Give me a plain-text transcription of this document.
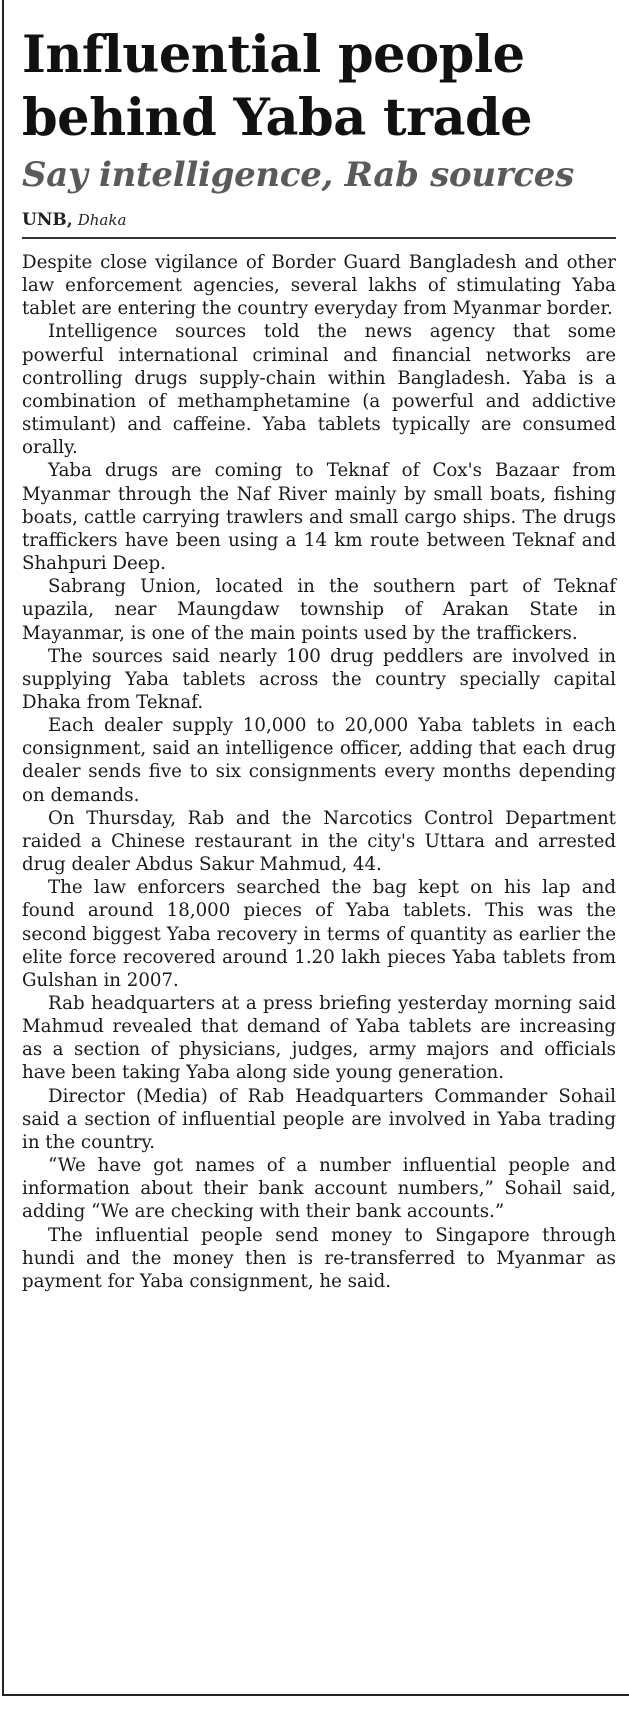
Influential people behind Yaba trade
Say intelligence, Rab sources
UNB, Dhaka

Despite close vigilance of Border Guard Bangladesh and other law enforcement agencies, several lakhs of stimulating Yaba tablet are entering the country everyday from Myanmar border.

Intelligence sources told the news agency that some powerful international criminal and financial networks are controlling drugs supply-chain within Bangladesh. Yaba is a combination of methamphetamine (a powerful and addictive stimulant) and caffeine. Yaba tablets typically are consumed orally.

Yaba drugs are coming to Teknaf of Cox's Bazaar from Myanmar through the Naf River mainly by small boats, fishing boats, cattle carrying trawlers and small cargo ships. The drugs traffickers have been using a 14 km route between Teknaf and Shahpuri Deep.

Sabrang Union, located in the southern part of Teknaf upazila, near Maungdaw township of Arakan State in Mayanmar, is one of the main points used by the traffickers.

The sources said nearly 100 drug peddlers are involved in supplying Yaba tablets across the country specially capital Dhaka from Teknaf.

Each dealer supply 10,000 to 20,000 Yaba tablets in each consignment, said an intelligence officer, adding that each drug dealer sends five to six consignments every months depending on demands.

On Thursday, Rab and the Narcotics Control Department raided a Chinese restaurant in the city's Uttara and arrested drug dealer Abdus Sakur Mahmud, 44.

The law enforcers searched the bag kept on his lap and found around 18,000 pieces of Yaba tablets. This was the second biggest Yaba recovery in terms of quantity as earlier the elite force recovered around 1.20 lakh pieces Yaba tablets from Gulshan in 2007.

Rab headquarters at a press briefing yesterday morning said Mahmud revealed that demand of Yaba tablets are increasing as a section of physicians, judges, army majors and officials have been taking Yaba along side young generation.

Director (Media) of Rab Headquarters Commander Sohail said a section of influential people are involved in Yaba trading in the country.

“We have got names of a number influential people and information about their bank account numbers,” Sohail said, adding “We are checking with their bank accounts.”

The influential people send money to Singapore through hundi and the money then is re-transferred to Myanmar as payment for Yaba consignment, he said.
